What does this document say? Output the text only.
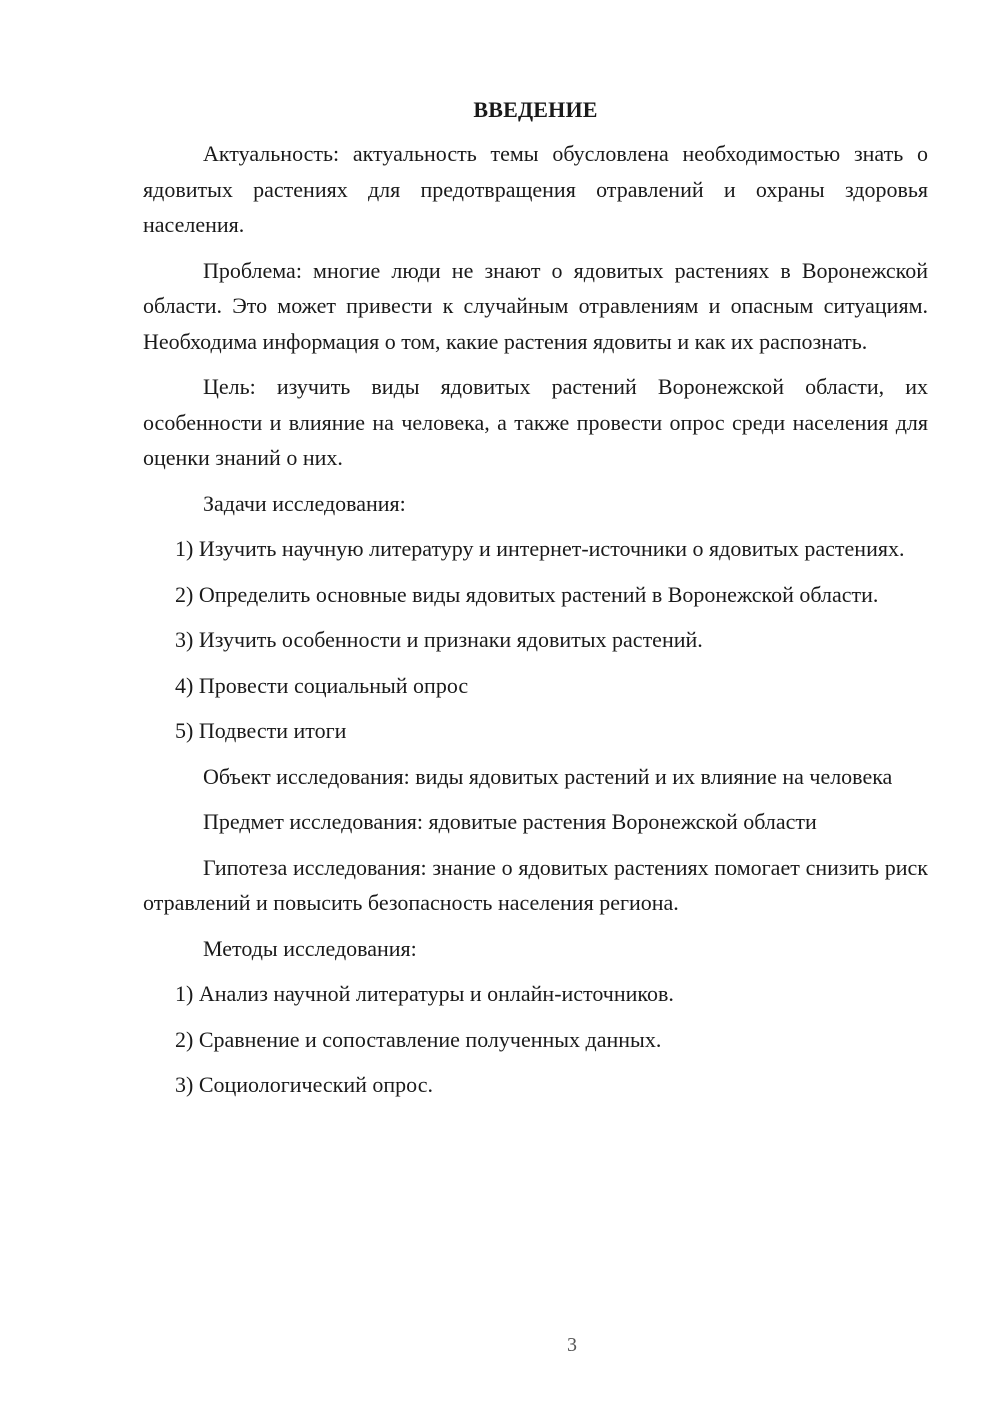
ВВЕДЕНИЕ

Актуальность: актуальность темы обусловлена необходимостью знать о ядовитых растениях для предотвращения отравлений и охраны здоровья населения.

Проблема: многие люди не знают о ядовитых растениях в Воронежской области. Это может привести к случайным отравлениям и опасным ситуациям. Необходима информация о том, какие растения ядовиты и как их распознать.

Цель: изучить виды ядовитых растений Воронежской области, их особенности и влияние на человека, а также провести опрос среди населения для оценки знаний о них.

Задачи исследования:

1) Изучить научную литературу и интернет-источники о ядовитых растениях.

2) Определить основные виды ядовитых растений в Воронежской области.

3) Изучить особенности и признаки ядовитых растений.

4) Провести социальный опрос

5) Подвести итоги

Объект исследования: виды ядовитых растений и их влияние на человека

Предмет исследования: ядовитые растения Воронежской области

Гипотеза исследования: знание о ядовитых растениях помогает снизить риск отравлений и повысить безопасность населения региона.

Методы исследования:

1) Анализ научной литературы и онлайн-источников.

2) Сравнение и сопоставление полученных данных.

3) Социологический опрос.

3
